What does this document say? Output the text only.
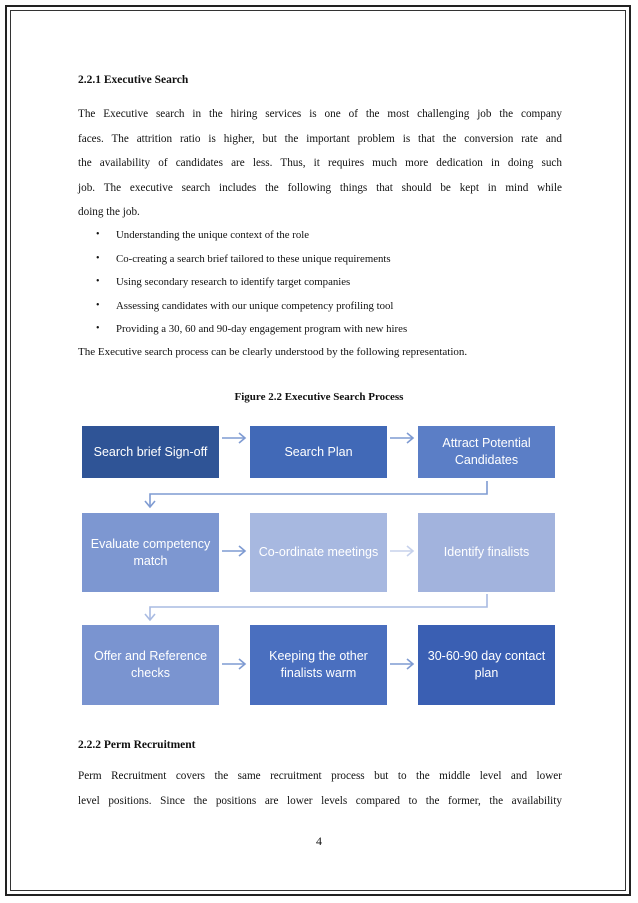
2.2.1 Executive Search
The Executive search in the hiring services is one of the most challenging job the company
faces. The attrition ratio is higher, but the important problem is that the conversion rate and
the availability of candidates are less. Thus, it requires much more dedication in doing such
job. The executive search includes the following things that should be kept in mind while
doing the job.
•	Understanding the unique context of the role
•	Co-creating a search brief tailored to these unique requirements
•	Using secondary research to identify target companies
•	Assessing candidates with our unique competency profiling tool
•	Providing a 30, 60 and 90-day engagement program with new hires
The Executive search process can be clearly understood by the following representation.
Figure 2.2 Executive Search Process
Search brief Sign-off	Search Plan
Attract Potential Candidates
Evaluate competency match
Co-ordinate meetings	Identify finalists
Offer and Reference checks
Keeping the other finalists warm
30-60-90 day contact plan
2.2.2 Perm Recruitment
Perm Recruitment covers the same recruitment process but to the middle level and lower
level positions. Since the positions are lower levels compared to the former, the availability
4
